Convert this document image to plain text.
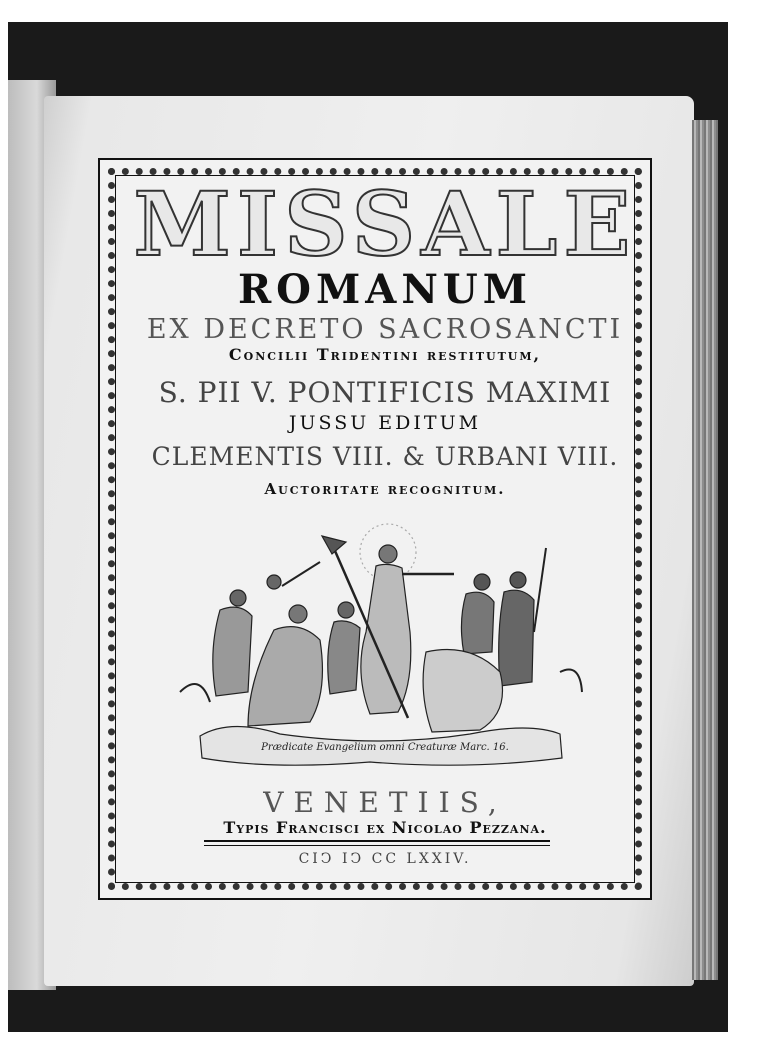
MISSALE
ROMANUM
EX DECRETO SACROSANCTI
Concilii Tridentini restitutum,
S. PII V. PONTIFICIS MAXIMI
JUSSU EDITUM
CLEMENTIS VIII. & URBANI VIII.
Auctoritate recognitum.
Prædicate Evangelium omni Creaturæ Marc. 16.
VENETIIS,
Typis Francisci ex Nicolao Pezzana.
CIↃ IↃ CC LXXIV.
